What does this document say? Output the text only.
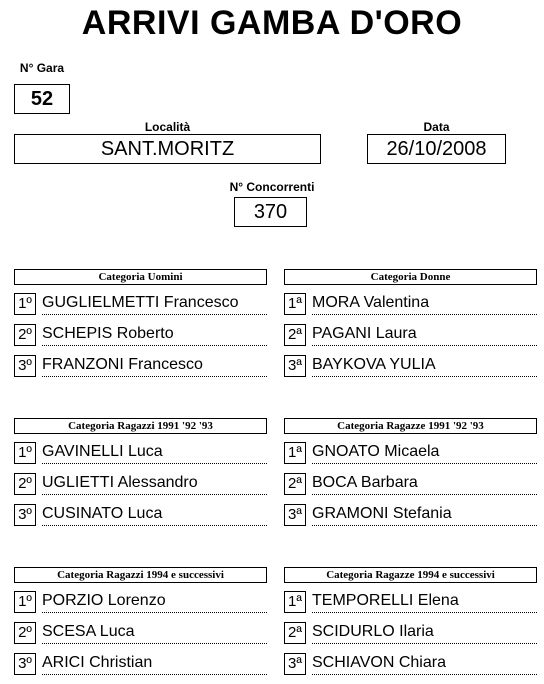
ARRIVI GAMBA D'ORO
N° Gara
52
Località
SANT.MORITZ
Data
26/10/2008
N° Concorrenti
370
Categoria Uomini
1º GUGLIELMETTI Francesco
2º SCHEPIS Roberto
3º FRANZONI Francesco
Categoria Donne
1ª MORA Valentina
2ª PAGANI Laura
3ª BAYKOVA YULIA
Categoria Ragazzi 1991 '92 '93
1º GAVINELLI Luca
2º UGLIETTI Alessandro
3º CUSINATO Luca
Categoria Ragazze 1991 '92 '93
1ª GNOATO Micaela
2ª BOCA Barbara
3ª GRAMONI Stefania
Categoria Ragazzi 1994 e successivi
1º PORZIO Lorenzo
2º SCESA Luca
3º ARICI Christian
Categoria Ragazze 1994 e successivi
1ª TEMPORELLI Elena
2ª SCIDURLO Ilaria
3ª SCHIAVON Chiara
